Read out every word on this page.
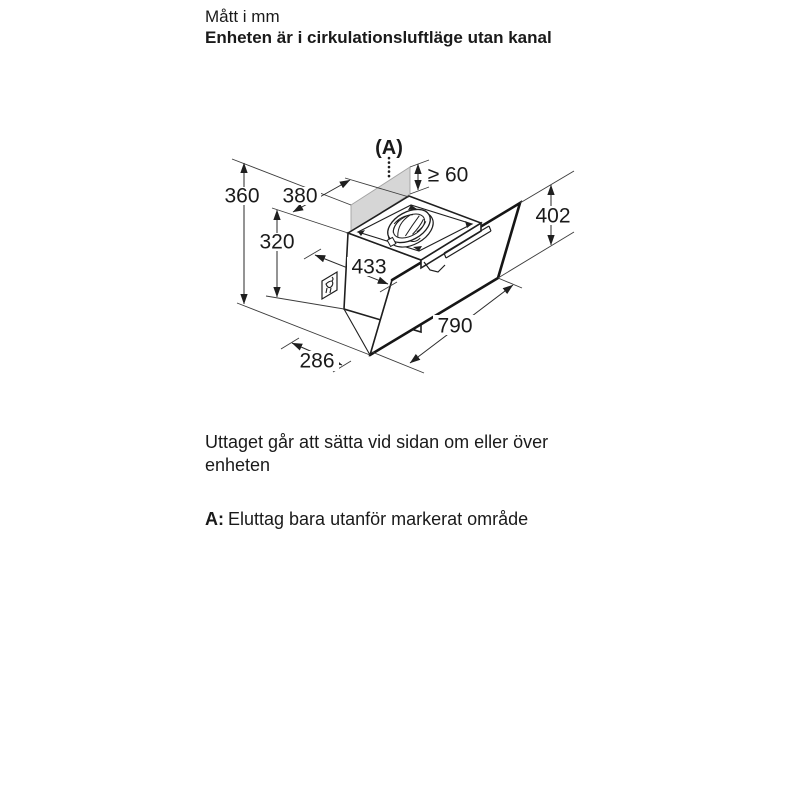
Mått i mm
Enheten är i cirkulationsluftläge utan kanal
360
320
380
433
≥ 60
402
790
286
(A)
Uttaget går att sätta vid sidan om eller över enheten
A: Eluttag bara utanför markerat område
